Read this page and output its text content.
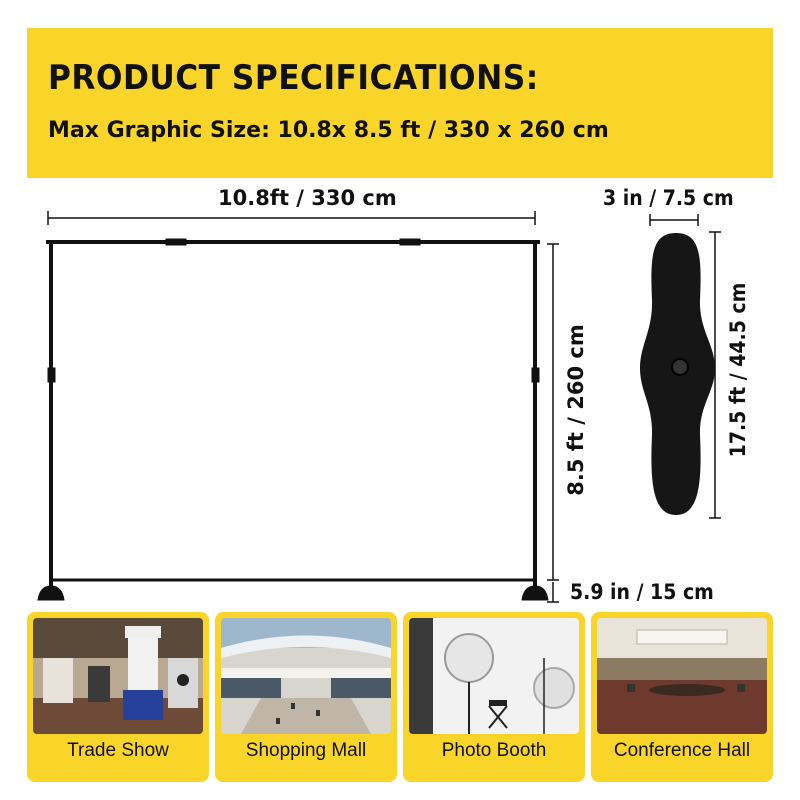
PRODUCT SPECIFICATIONS:
Max Graphic Size: 10.8x 8.5 ft / 330 x 260 cm
10.8ft / 330 cm	3 in / 7.5 cm
8.5 ft / 260 cm	17.5 ft / 44.5 cm
5.9 in / 15 cm
Trade Show	Shopping Mall	Photo Booth	Conference Hall
